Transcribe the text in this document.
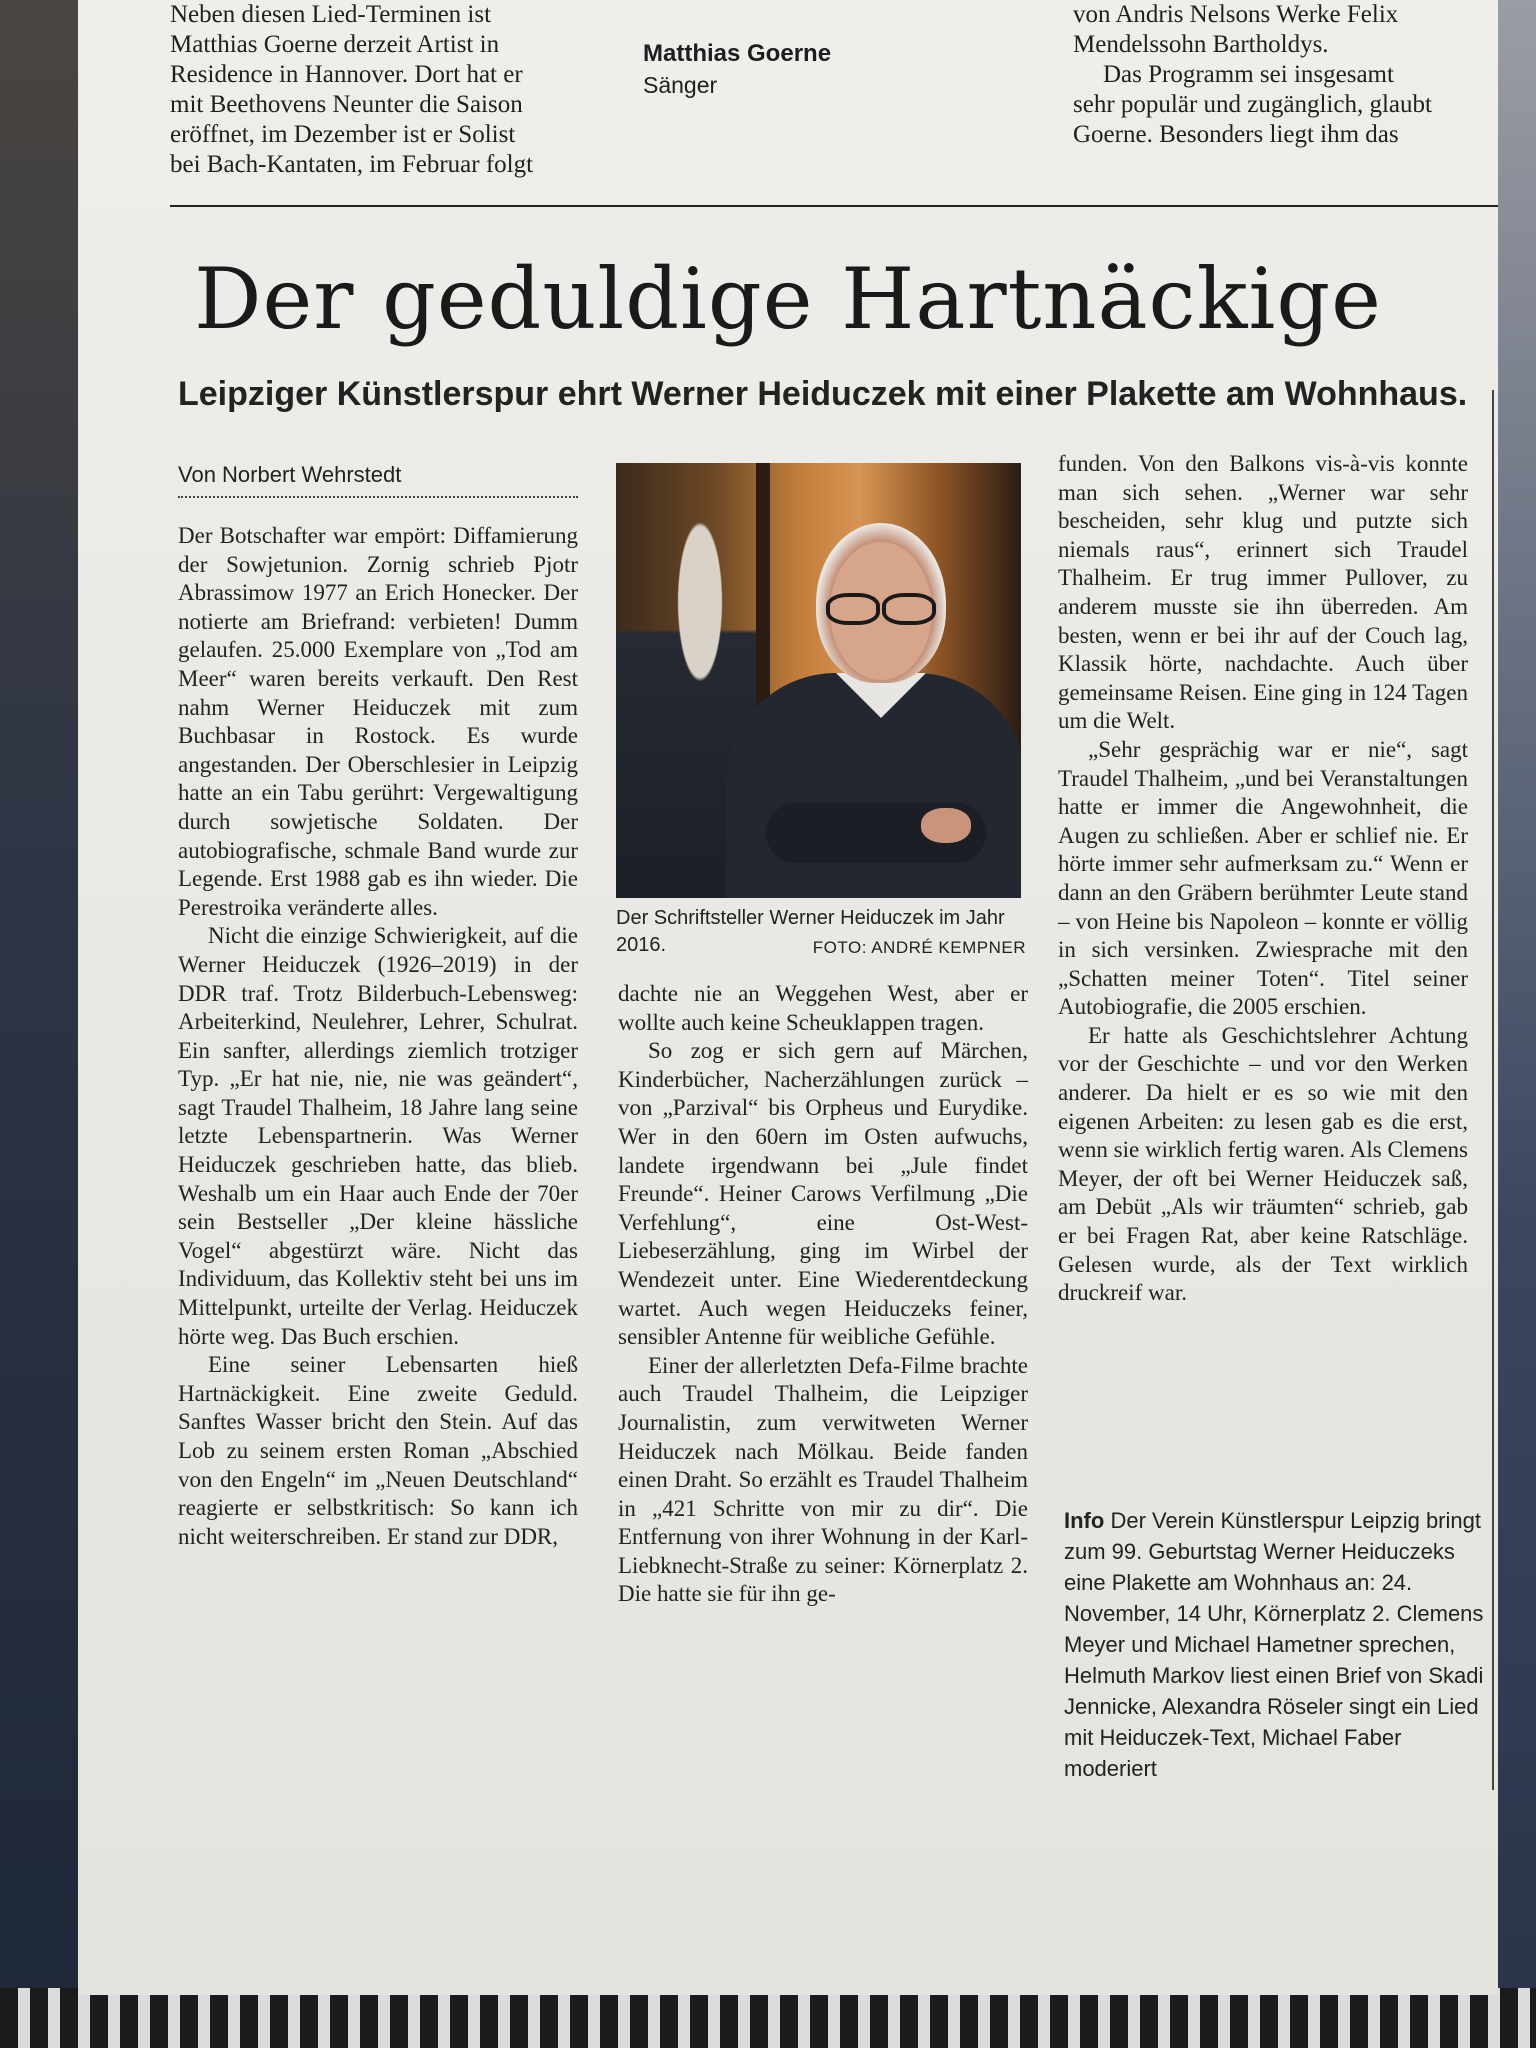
Neben diesen Lied-Terminen ist

Matthias Goerne derzeit Artist in

Residence in Hannover. Dort hat er

mit Beethovens Neunter die Saison

eröffnet, im Dezember ist er Solist

bei Bach-Kantaten, im Februar folgt

Matthias Goerne
Sänger

von Andris Nelsons Werke Felix

Mendelssohn Bartholdys.

Das Programm sei insgesamt

sehr populär und zugänglich, glaubt

Goerne. Besonders liegt ihm das

Der geduldige Hartnäckige
Leipziger Künstlerspur ehrt Werner Heiduczek mit einer Plakette am Wohnhaus.
Von Norbert Wehrstedt

Der Botschafter war empört: Diffamierung der Sowjetunion. Zornig schrieb Pjotr Abrassimow 1977 an Erich Honecker. Der notierte am Briefrand: verbieten! Dumm gelaufen. 25.000 Exemplare von „Tod am Meer“ waren bereits verkauft. Den Rest nahm Werner Heiduczek mit zum Buchbasar in Rostock. Es wurde angestanden. Der Oberschlesier in Leipzig hatte an ein Tabu gerührt: Vergewaltigung durch sowjetische Soldaten. Der autobiografische, schmale Band wurde zur Legende. Erst 1988 gab es ihn wieder. Die Perestroika veränderte alles.

Nicht die einzige Schwierigkeit, auf die Werner Heiduczek (1926–2019) in der DDR traf. Trotz Bilderbuch-Lebensweg: Arbeiterkind, Neulehrer, Lehrer, Schulrat. Ein sanfter, allerdings ziemlich trotziger Typ. „Er hat nie, nie, nie was geändert“, sagt Traudel Thalheim, 18 Jahre lang seine letzte Lebenspartnerin. Was Werner Heiduczek geschrieben hatte, das blieb. Weshalb um ein Haar auch Ende der 70er sein Bestseller „Der kleine hässliche Vogel“ abgestürzt wäre. Nicht das Individuum, das Kollektiv steht bei uns im Mittelpunkt, urteilte der Verlag. Heiduczek hörte weg. Das Buch erschien.

Eine seiner Lebensarten hieß Hartnäckigkeit. Eine zweite Geduld. Sanftes Wasser bricht den Stein. Auf das Lob zu seinem ersten Roman „Abschied von den Engeln“ im „Neuen Deutschland“ reagierte er selbstkritisch: So kann ich nicht weiterschreiben. Er stand zur DDR,

Der Schriftsteller Werner Heiduczek im Jahr 2016.	FOTO: ANDRÉ KEMPNER

dachte nie an Weggehen West, aber er wollte auch keine Scheuklappen tragen.

So zog er sich gern auf Märchen, Kinderbücher, Nacherzählungen zurück – von „Parzival“ bis Orpheus und Eurydike. Wer in den 60ern im Osten aufwuchs, landete irgendwann bei „Jule findet Freunde“. Heiner Carows Verfilmung „Die Verfehlung“, eine Ost-West-Liebeserzählung, ging im Wirbel der Wendezeit unter. Eine Wiederentdeckung wartet. Auch wegen Heiduczeks feiner, sensibler Antenne für weibliche Gefühle.

Einer der allerletzten Defa-Filme brachte auch Traudel Thalheim, die Leipziger Journalistin, zum verwitweten Werner Heiduczek nach Mölkau. Beide fanden einen Draht. So erzählt es Traudel Thalheim in „421 Schritte von mir zu dir“. Die Entfernung von ihrer Wohnung in der Karl-Liebknecht-Straße zu seiner: Körnerplatz 2. Die hatte sie für ihn ge-

funden. Von den Balkons vis-à-vis konnte man sich sehen. „Werner war sehr bescheiden, sehr klug und putzte sich niemals raus“, erinnert sich Traudel Thalheim. Er trug immer Pullover, zu anderem musste sie ihn überreden. Am besten, wenn er bei ihr auf der Couch lag, Klassik hörte, nachdachte. Auch über gemeinsame Reisen. Eine ging in 124 Tagen um die Welt.

„Sehr gesprächig war er nie“, sagt Traudel Thalheim, „und bei Veranstaltungen hatte er immer die Angewohnheit, die Augen zu schließen. Aber er schlief nie. Er hörte immer sehr aufmerksam zu.“ Wenn er dann an den Gräbern berühmter Leute stand – von Heine bis Napoleon – konnte er völlig in sich versinken. Zwiesprache mit den „Schatten meiner Toten“. Titel seiner Autobiografie, die 2005 erschien.

Er hatte als Geschichtslehrer Achtung vor der Geschichte – und vor den Werken anderer. Da hielt er es so wie mit den eigenen Arbeiten: zu lesen gab es die erst, wenn sie wirklich fertig waren. Als Clemens Meyer, der oft bei Werner Heiduczek saß, am Debüt „Als wir träumten“ schrieb, gab er bei Fragen Rat, aber keine Ratschläge. Gelesen wurde, als der Text wirklich druckreif war.

Info Der Verein Künstlerspur Leipzig bringt zum 99. Geburtstag Werner Heiduczeks eine Plakette am Wohnhaus an: 24. November, 14 Uhr, Körnerplatz 2. Clemens Meyer und Michael Hametner sprechen, Helmuth Markov liest einen Brief von Skadi Jennicke, Alexandra Röseler singt ein Lied mit Heiduczek-Text, Michael Faber moderiert
